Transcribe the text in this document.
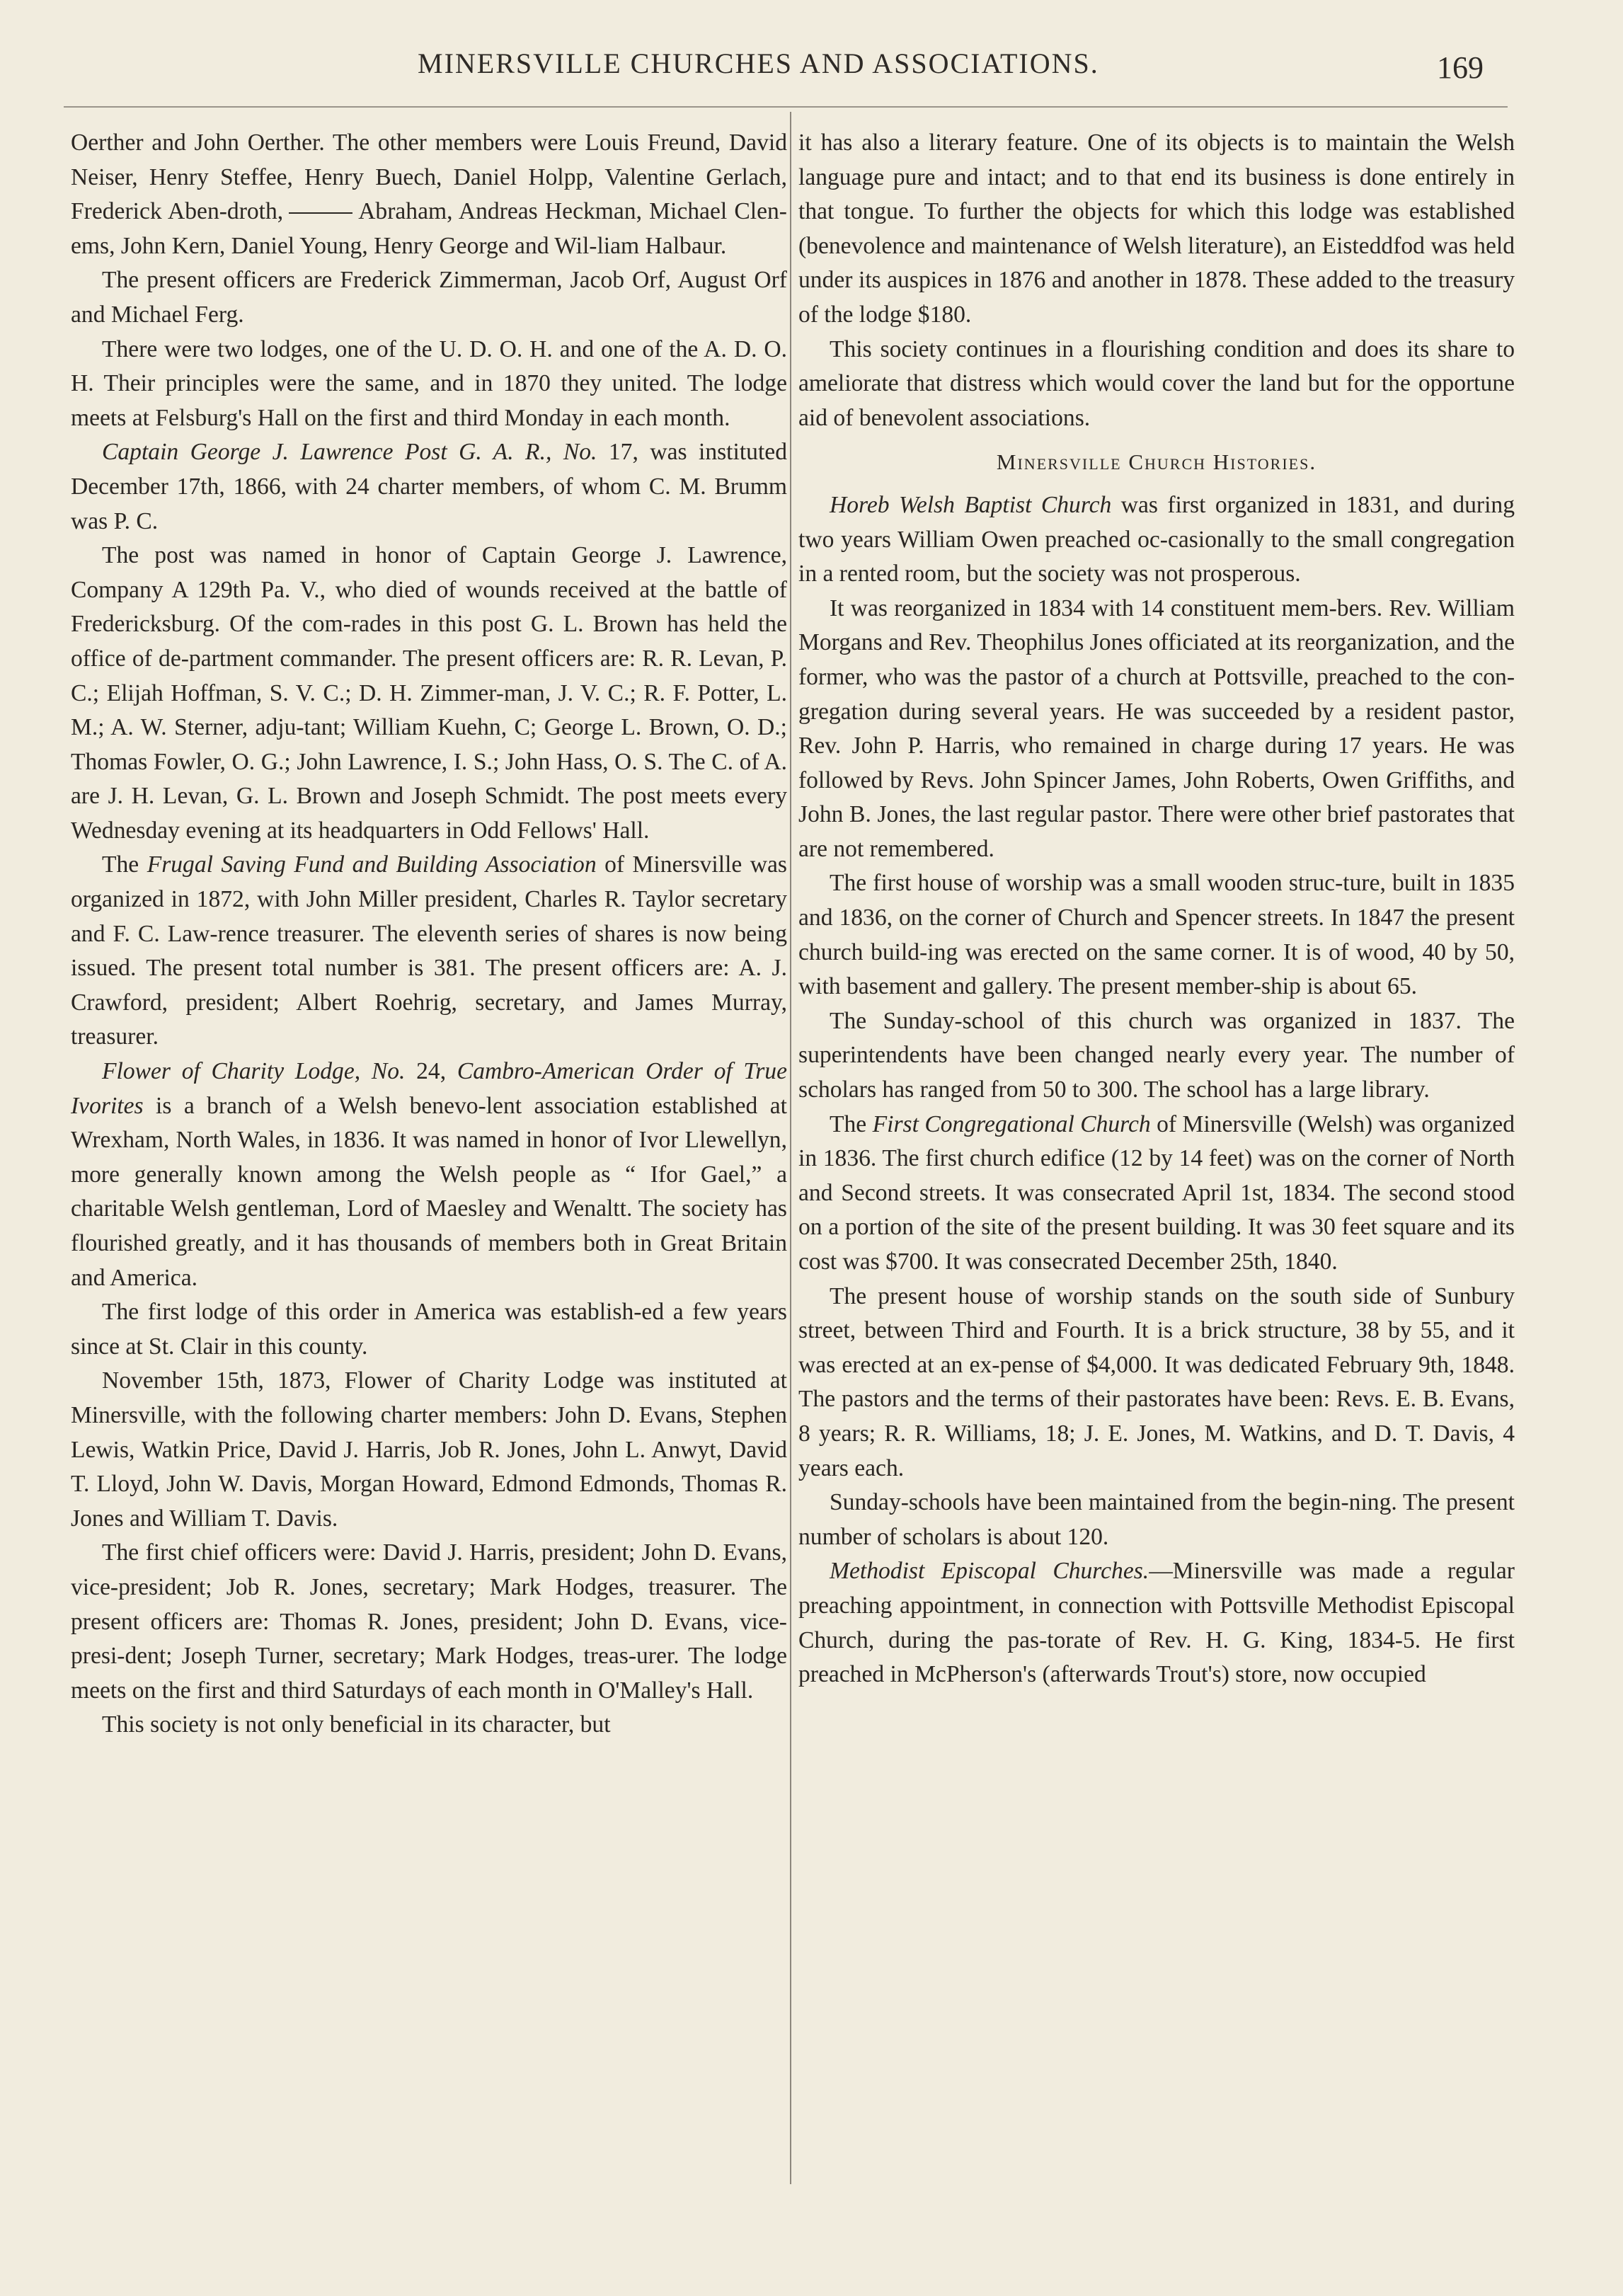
MINERSVILLE CHURCHES AND ASSOCIATIONS.	169

Oerther and John Oerther. The other members were Louis Freund, David Neiser, Henry Steffee, Henry Buech, Daniel Holpp, Valentine Gerlach, Frederick Aben-droth,	Abraham, Andreas Heckman, Michael Clen-ems, John Kern, Daniel Young, Henry George and Wil-liam Halbaur.

The present officers are Frederick Zimmerman, Jacob Orf, August Orf and Michael Ferg.

There were two lodges, one of the U. D. O. H. and one of the A. D. O. H. Their principles were the same, and in 1870 they united. The lodge meets at Felsburg's Hall on the first and third Monday in each month.

Captain George J. Lawrence Post G. A. R., No. 17, was instituted December 17th, 1866, with 24 charter members, of whom C. M. Brumm was P. C.

The post was named in honor of Captain George J. Lawrence, Company A 129th Pa. V., who died of wounds received at the battle of Fredericksburg. Of the com-rades in this post G. L. Brown has held the office of de-partment commander. The present officers are: R. R. Levan, P. C.; Elijah Hoffman, S. V. C.; D. H. Zimmer-man, J. V. C.; R. F. Potter, L. M.; A. W. Sterner, adju-tant; William Kuehn, C; George L. Brown, O. D.; Thomas Fowler, O. G.; John Lawrence, I. S.; John Hass, O. S. The C. of A. are J. H. Levan, G. L. Brown and Joseph Schmidt. The post meets every Wednesday evening at its headquarters in Odd Fellows' Hall.

The Frugal Saving Fund and Building Association of Minersville was organized in 1872, with John Miller president, Charles R. Taylor secretary and F. C. Law-rence treasurer. The eleventh series of shares is now being issued. The present total number is 381. The present officers are: A. J. Crawford, president; Albert Roehrig, secretary, and James Murray, treasurer.

Flower of Charity Lodge, No. 24, Cambro-American Order of True Ivorites is a branch of a Welsh benevo-lent association established at Wrexham, North Wales, in 1836. It was named in honor of Ivor Llewellyn, more generally known among the Welsh people as “ Ifor Gael,” a charitable Welsh gentleman, Lord of Maesley and Wenaltt. The society has flourished greatly, and it has thousands of members both in Great Britain and America.

The first lodge of this order in America was establish-ed a few years since at St. Clair in this county.

November 15th, 1873, Flower of Charity Lodge was instituted at Minersville, with the following charter members: John D. Evans, Stephen Lewis, Watkin Price, David J. Harris, Job R. Jones, John L. Anwyt, David T. Lloyd, John W. Davis, Morgan Howard, Edmond Edmonds, Thomas R. Jones and William T. Davis.

The first chief officers were: David J. Harris, president; John D. Evans, vice-president; Job R. Jones, secretary; Mark Hodges, treasurer. The present officers are: Thomas R. Jones, president; John D. Evans, vice-presi-dent; Joseph Turner, secretary; Mark Hodges, treas-urer. The lodge meets on the first and third Saturdays of each month in O'Malley's Hall.

This society is not only beneficial in its character, but

it has also a literary feature. One of its objects is to maintain the Welsh language pure and intact; and to that end its business is done entirely in that tongue. To further the objects for which this lodge was established (benevolence and maintenance of Welsh literature), an Eisteddfod was held under its auspices in 1876 and another in 1878. These added to the treasury of the lodge $180.

This society continues in a flourishing condition and does its share to ameliorate that distress which would cover the land but for the opportune aid of benevolent associations.

Minersville Church Histories.

Horeb Welsh Baptist Church was first organized in 1831, and during two years William Owen preached oc-casionally to the small congregation in a rented room, but the society was not prosperous.

It was reorganized in 1834 with 14 constituent mem-bers. Rev. William Morgans and Rev. Theophilus Jones officiated at its reorganization, and the former, who was the pastor of a church at Pottsville, preached to the con-gregation during several years. He was succeeded by a resident pastor, Rev. John P. Harris, who remained in charge during 17 years. He was followed by Revs. John Spincer James, John Roberts, Owen Griffiths, and John B. Jones, the last regular pastor. There were other brief pastorates that are not remembered.

The first house of worship was a small wooden struc-ture, built in 1835 and 1836, on the corner of Church and Spencer streets. In 1847 the present church build-ing was erected on the same corner. It is of wood, 40 by 50, with basement and gallery. The present member-ship is about 65.

The Sunday-school of this church was organized in 1837. The superintendents have been changed nearly every year. The number of scholars has ranged from 50 to 300. The school has a large library.

The First Congregational Church of Minersville (Welsh) was organized in 1836. The first church edifice (12 by 14 feet) was on the corner of North and Second streets. It was consecrated April 1st, 1834. The second stood on a portion of the site of the present building. It was 30 feet square and its cost was $700. It was consecrated December 25th, 1840.

The present house of worship stands on the south side of Sunbury street, between Third and Fourth. It is a brick structure, 38 by 55, and it was erected at an ex-pense of $4,000. It was dedicated February 9th, 1848. The pastors and the terms of their pastorates have been: Revs. E. B. Evans, 8 years; R. R. Williams, 18; J. E. Jones, M. Watkins, and D. T. Davis, 4 years each.

Sunday-schools have been maintained from the begin-ning. The present number of scholars is about 120.

Methodist Episcopal Churches.—Minersville was made a regular preaching appointment, in connection with Pottsville Methodist Episcopal Church, during the pas-torate of Rev. H. G. King, 1834-5. He first preached in McPherson's (afterwards Trout's) store, now occupied
